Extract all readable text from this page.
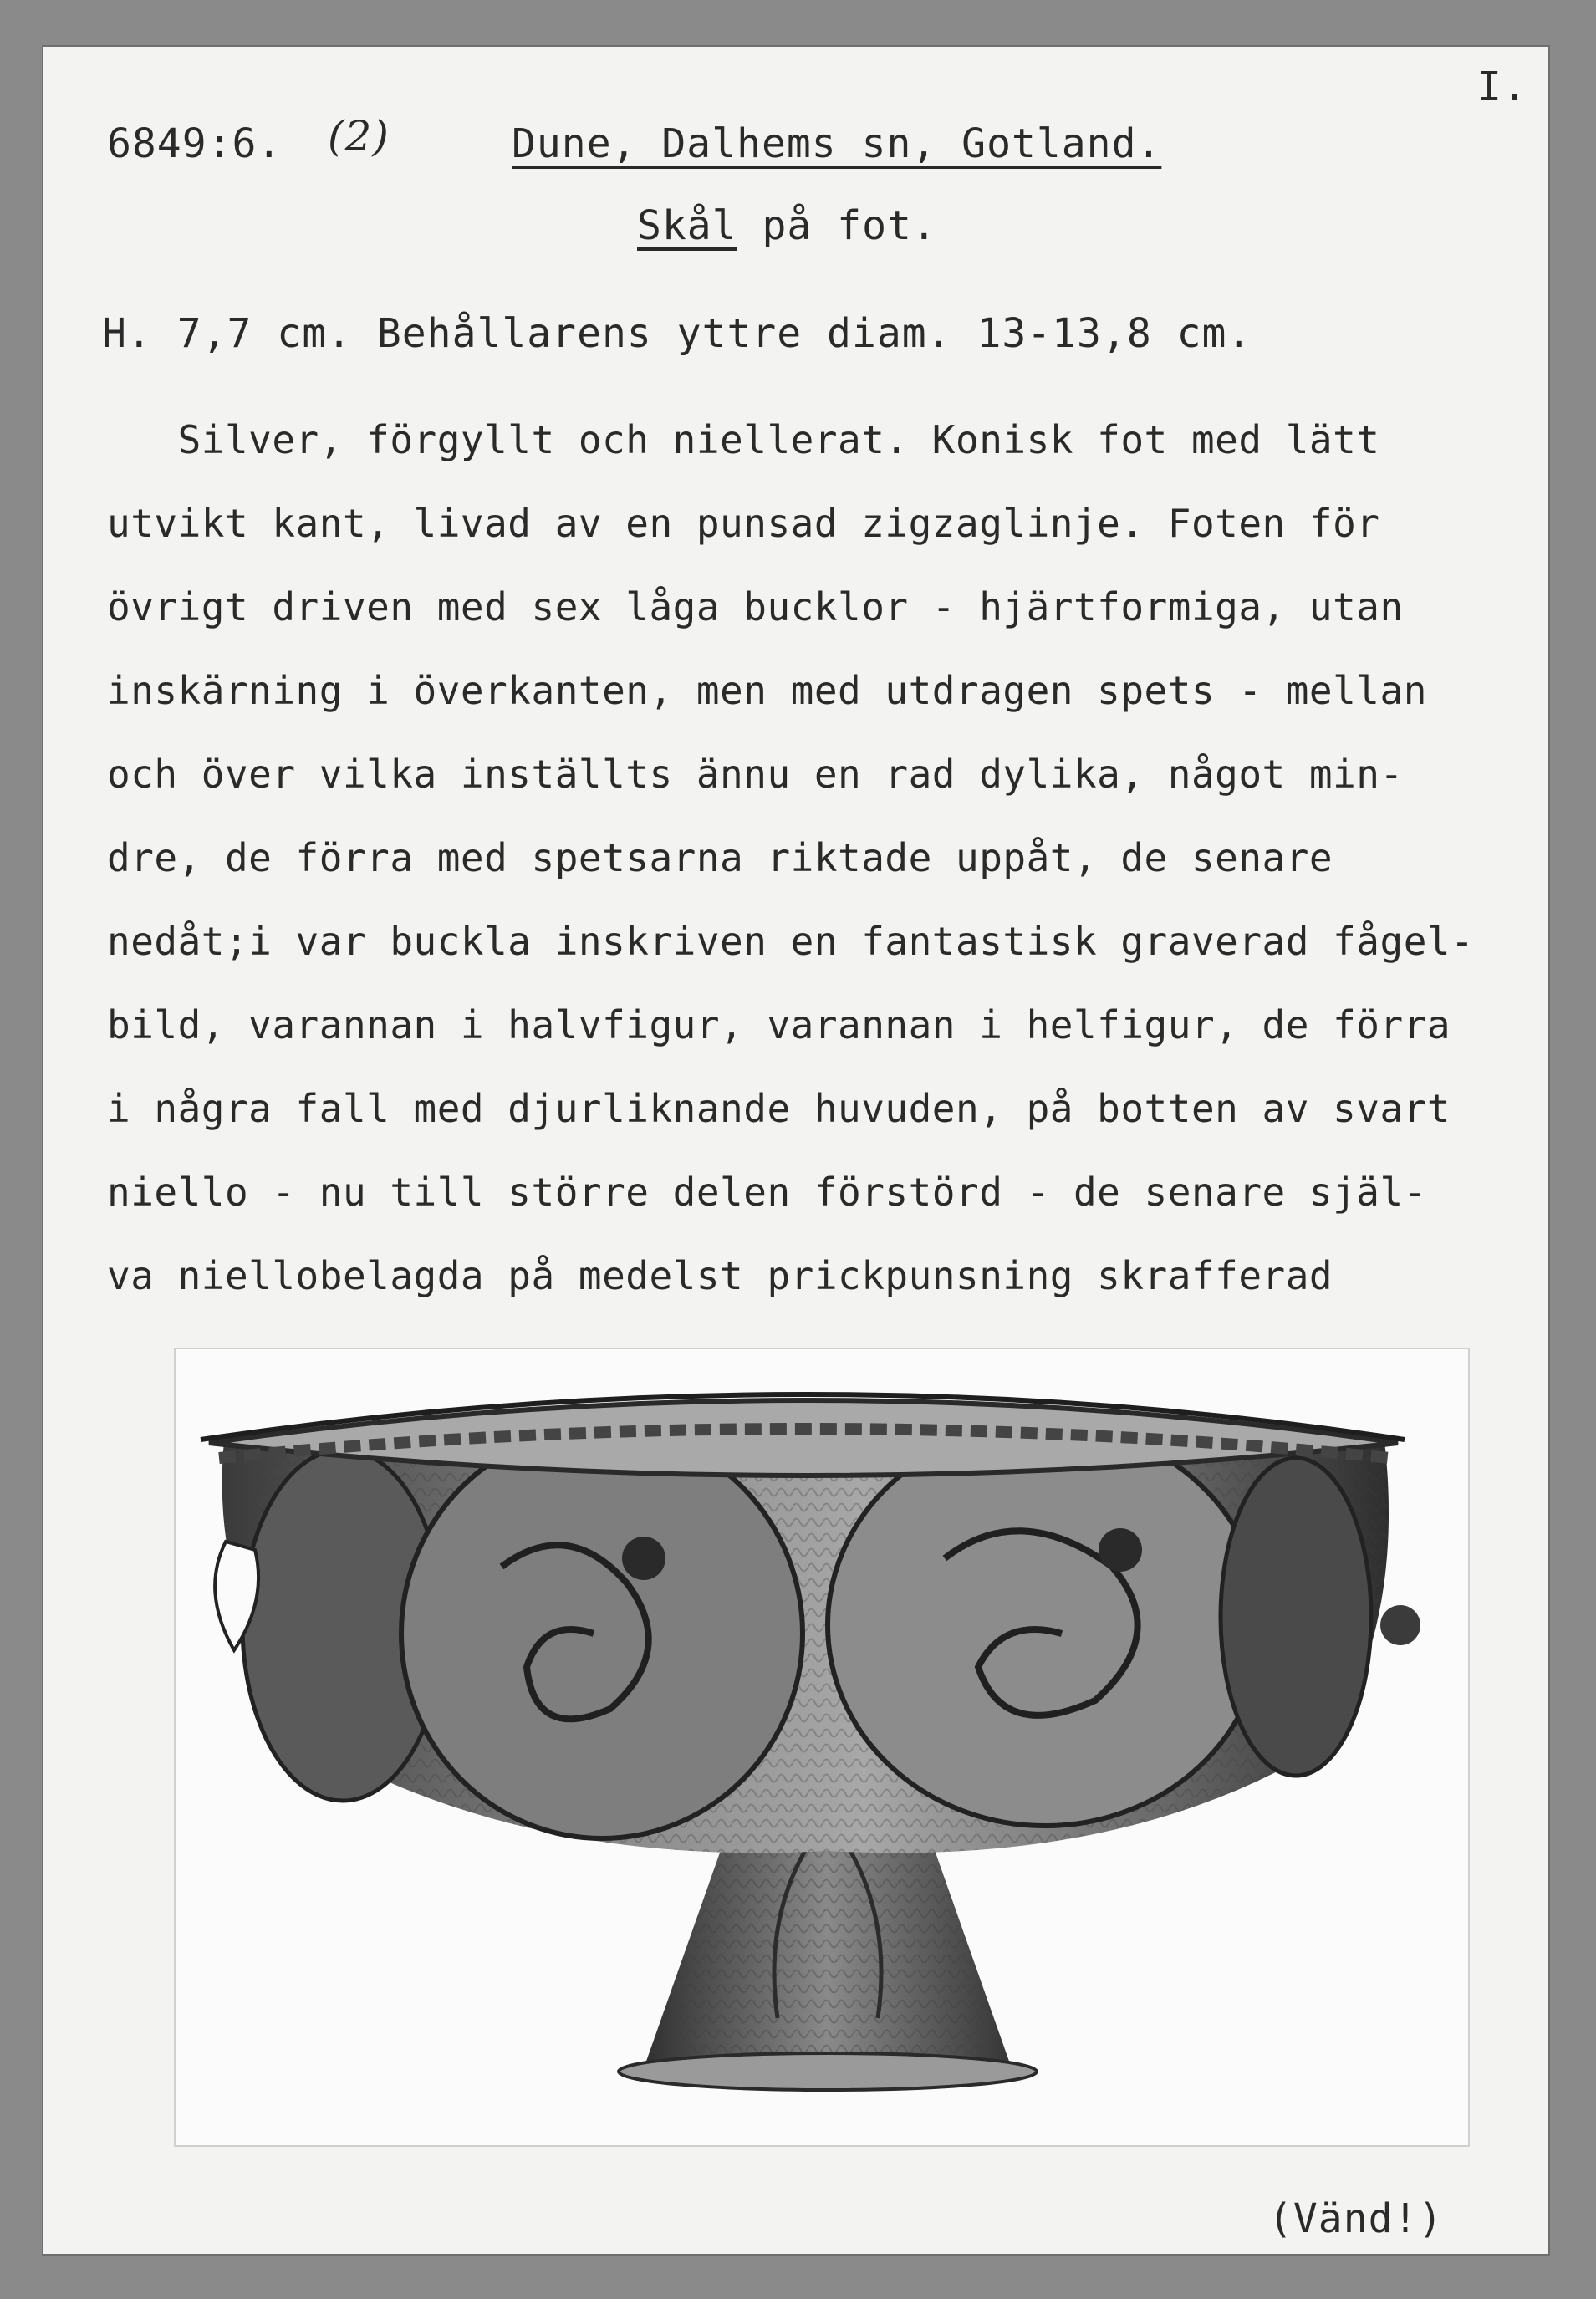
6849:6. (2)	Dune, Dalhems sn, Gotland.
I.
Skål på fot.
H. 7,7 cm. Behållarens yttre diam. 13-13,8 cm.
Silver, förgyllt och niellerat. Konisk fot med lätt
utvikt kant, livad av en punsad zigzaglinje. Foten för
övrigt driven med sex låga bucklor - hjärtformiga, utan
inskärning i överkanten, men med utdragen spets - mellan
och över vilka inställts ännu en rad dylika, något min-
dre, de förra med spetsarna riktade uppåt, de senare
nedåt;i var buckla inskriven en fantastisk graverad fågel-
bild, varannan i halvfigur, varannan i helfigur, de förra
i några fall med djurliknande huvuden, på botten av svart
niello - nu till större delen förstörd - de senare själ-
va niellobelagda på medelst prickpunsning skrafferad
(Vänd!)
